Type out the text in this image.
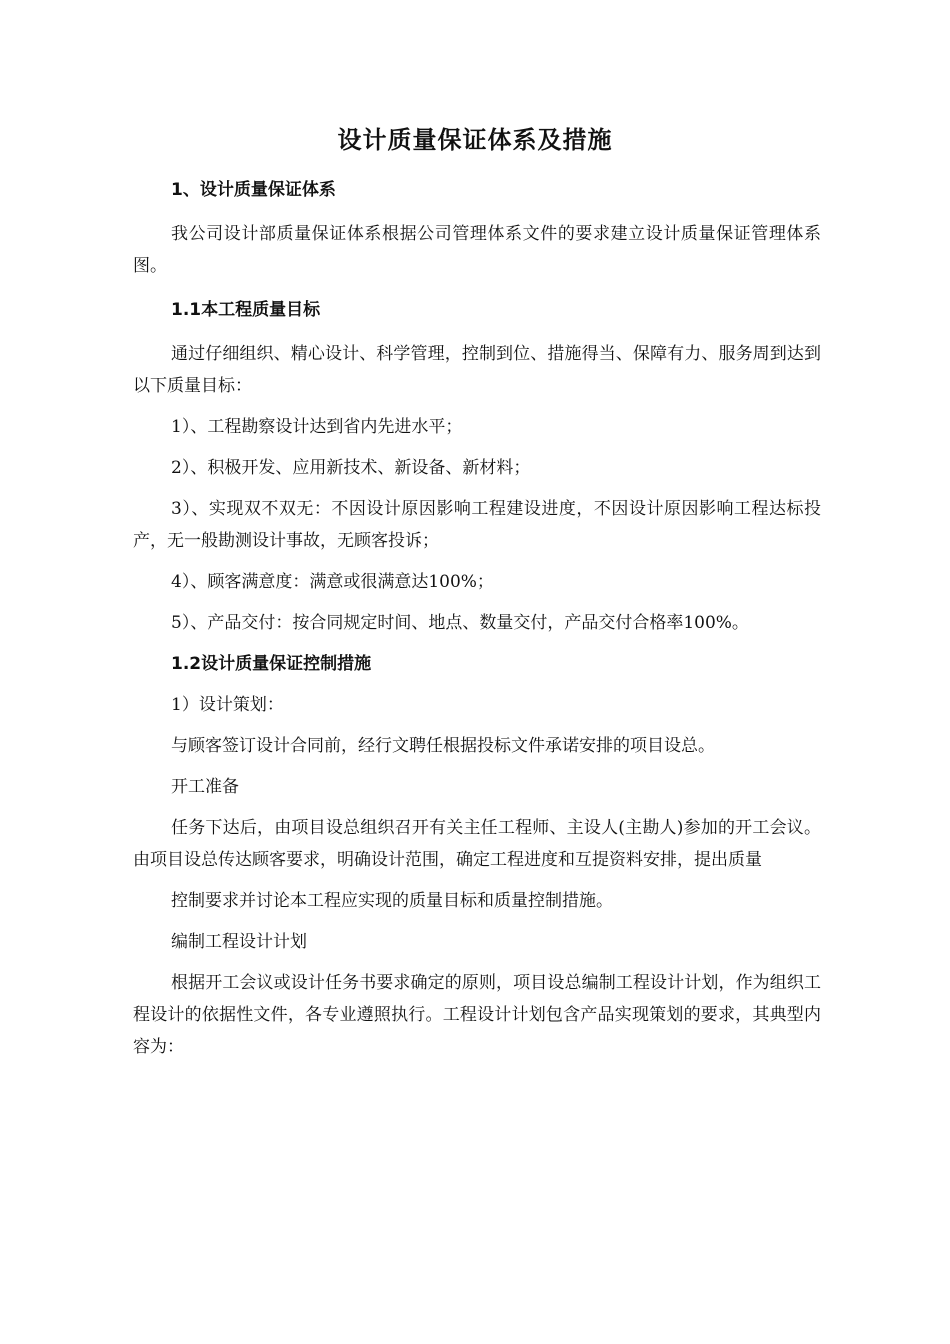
设计质量保证体系及措施
1、设计质量保证体系

我公司设计部质量保证体系根据公司管理体系文件的要求建立设计质量保证管理体系图。

1.1本工程质量目标

通过仔细组织、精心设计、科学管理，控制到位、措施得当、保障有力、服务周到达到以下质量目标：

1）、工程勘察设计达到省内先进水平；

2）、积极开发、应用新技术、新设备、新材料；

3）、实现双不双无：不因设计原因影响工程建设进度，不因设计原因影响工程达标投产，无一般勘测设计事故，无顾客投诉；

4）、顾客满意度：满意或很满意达100%；

5）、产品交付：按合同规定时间、地点、数量交付，产品交付合格率100%。

1.2设计质量保证控制措施

1）设计策划：

与顾客签订设计合同前，经行文聘任根据投标文件承诺安排的项目设总。

开工准备

任务下达后，由项目设总组织召开有关主任工程师、主设人(主勘人)参加的开工会议。由项目设总传达顾客要求，明确设计范围，确定工程进度和互提资料安排，提出质量

控制要求并讨论本工程应实现的质量目标和质量控制措施。

编制工程设计计划

根据开工会议或设计任务书要求确定的原则，项目设总编制工程设计计划，作为组织工程设计的依据性文件，各专业遵照执行。工程设计计划包含产品实现策划的要求，其典型内容为：
